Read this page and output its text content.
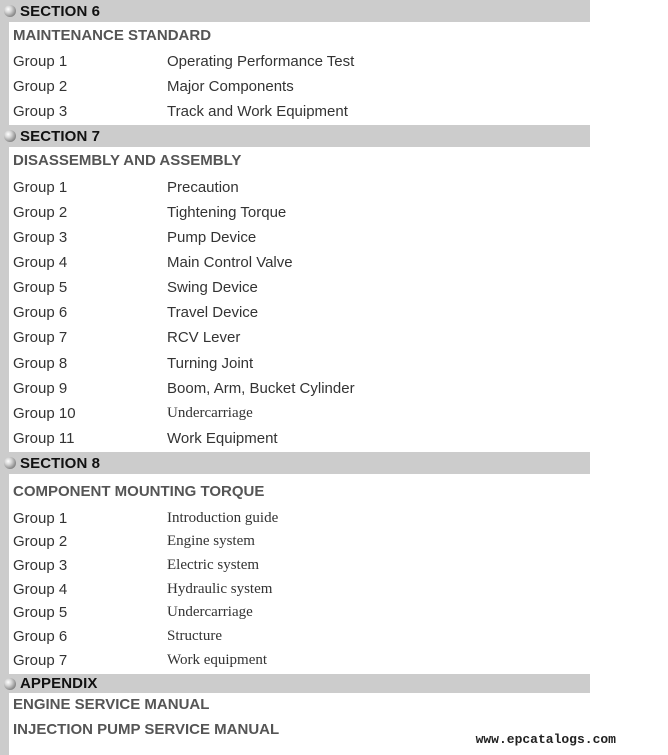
SECTION 6
MAINTENANCE STANDARD
Group 1	Operating Performance Test
Group 2	Major Components
Group 3	Track and Work Equipment
SECTION 7
DISASSEMBLY AND ASSEMBLY
Group 1	Precaution
Group 2	Tightening Torque
Group 3	Pump Device
Group 4	Main Control Valve
Group 5	Swing Device
Group 6	Travel Device
Group 7	RCV Lever
Group 8	Turning Joint
Group 9	Boom, Arm, Bucket Cylinder
Group 10	Undercarriage
Group 11	Work Equipment
SECTION 8
COMPONENT MOUNTING TORQUE
Group 1	Introduction guide
Group 2	Engine system
Group 3	Electric system
Group 4	Hydraulic system
Group 5	Undercarriage
Group 6	Structure
Group 7	Work equipment
APPENDIX
ENGINE SERVICE MANUAL
INJECTION PUMP SERVICE MANUAL
www.epcatalogs.com
